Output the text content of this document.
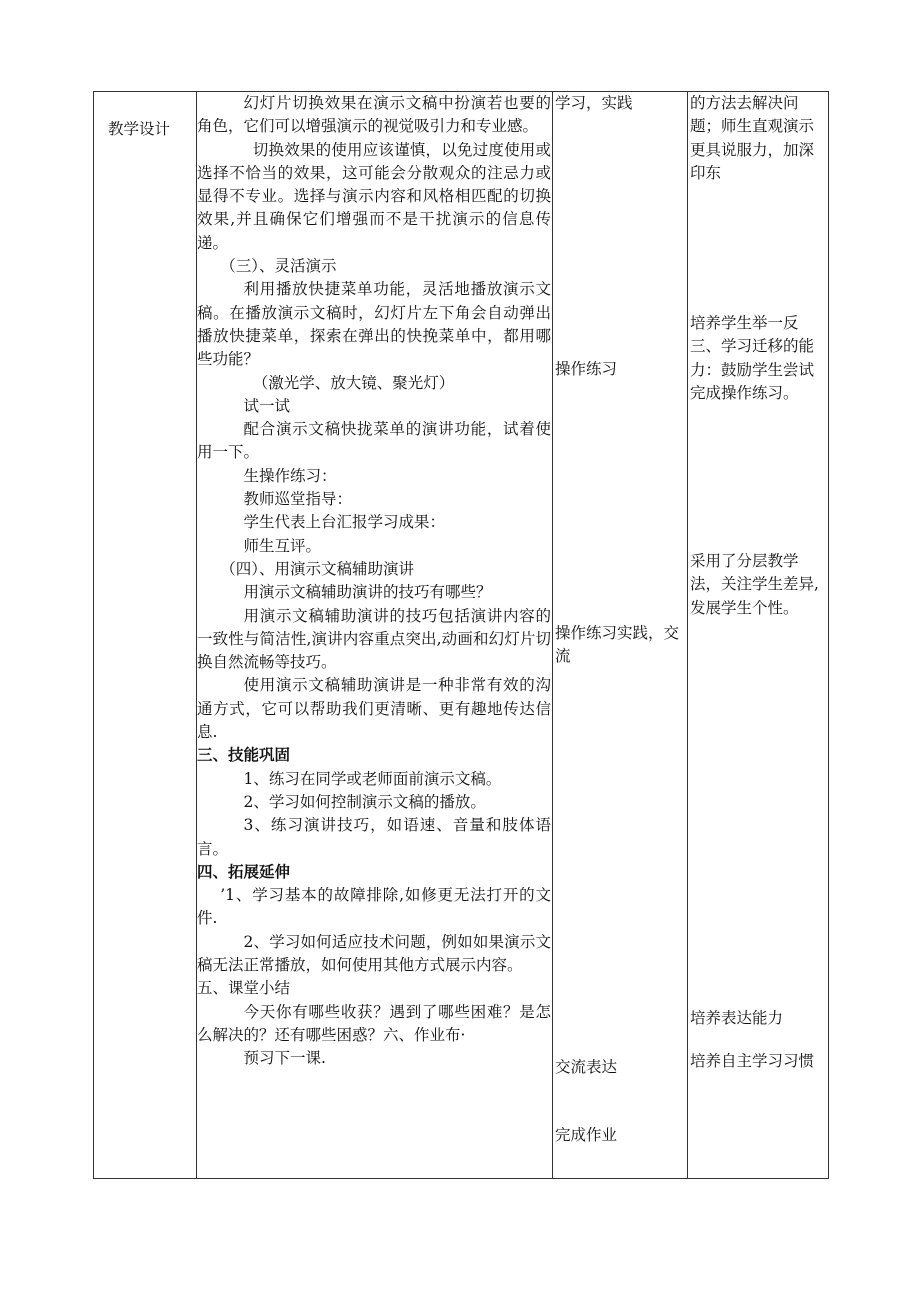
教学设计

幻灯片切换效果在演示文稿中扮演若也要的角色，它们可以增强演示的视觉吸引力和专业感。

切换效果的使用应该谨慎，以免过度使用或选择不恰当的效果，这可能会分散观众的注忌力或显得不专业。选择与演示内容和风格相匹配的切换效果,并且确保它们增强而不是干扰演示的信息传递。

（三）、灵活演示

利用播放快捷菜单功能，灵活地播放演示文稿。在播放演示文稿时，幻灯片左下角会自动弹出播放快捷菜单，探索在弹出的快挽菜单中，都用哪些功能？

（激光学、放大镜、聚光灯）

试一试

配合演示文稿快拢菜单的演讲功能，试着使用一下。

生操作练习：

教师巡堂指导：

学生代表上台汇报学习成果：

师生互评。

（四）、用演示文稿辅助演讲

用演示文稿辅助演讲的技巧有哪些？

用演示文稿辅助演讲的技巧包括演讲内容的一致性与简洁性,演讲内容重点突出,动画和幻灯片切换自然流畅等技巧。

使用演示文稿辅助演讲是一种非常有效的沟通方式，它可以帮助我们更清晰、更有趣地传达信息.

三、技能巩固

1、练习在同学或老师面前演示文稿。

2、学习如何控制演示文稿的播放。

3、练习演讲技巧，如语速、音量和肢体语言。

四、拓展延伸

’1、学习基本的故障排除,如修更无法打开的文件.

2、学习如何适应技术问题，例如如果演示文稿无法正常播放，如何使用其他方式展示内容。

五、课堂小结

今天你有哪些收获？遇到了哪些困难？是怎么解决的？还有哪些困惑？六、作业布·

预习下一课.

学习，实践
操作练习
操作练习实践，交流
交流表达
完成作业
的方法去解决问题；师生直观演示更具说服力，加深印东
培养学生举一反三、学习迁移的能力：鼓励学生尝试完成操作练习。
采用了分层教学法，关注学生差异,发展学生个性。
培养表达能力
培养自主学习习惯
